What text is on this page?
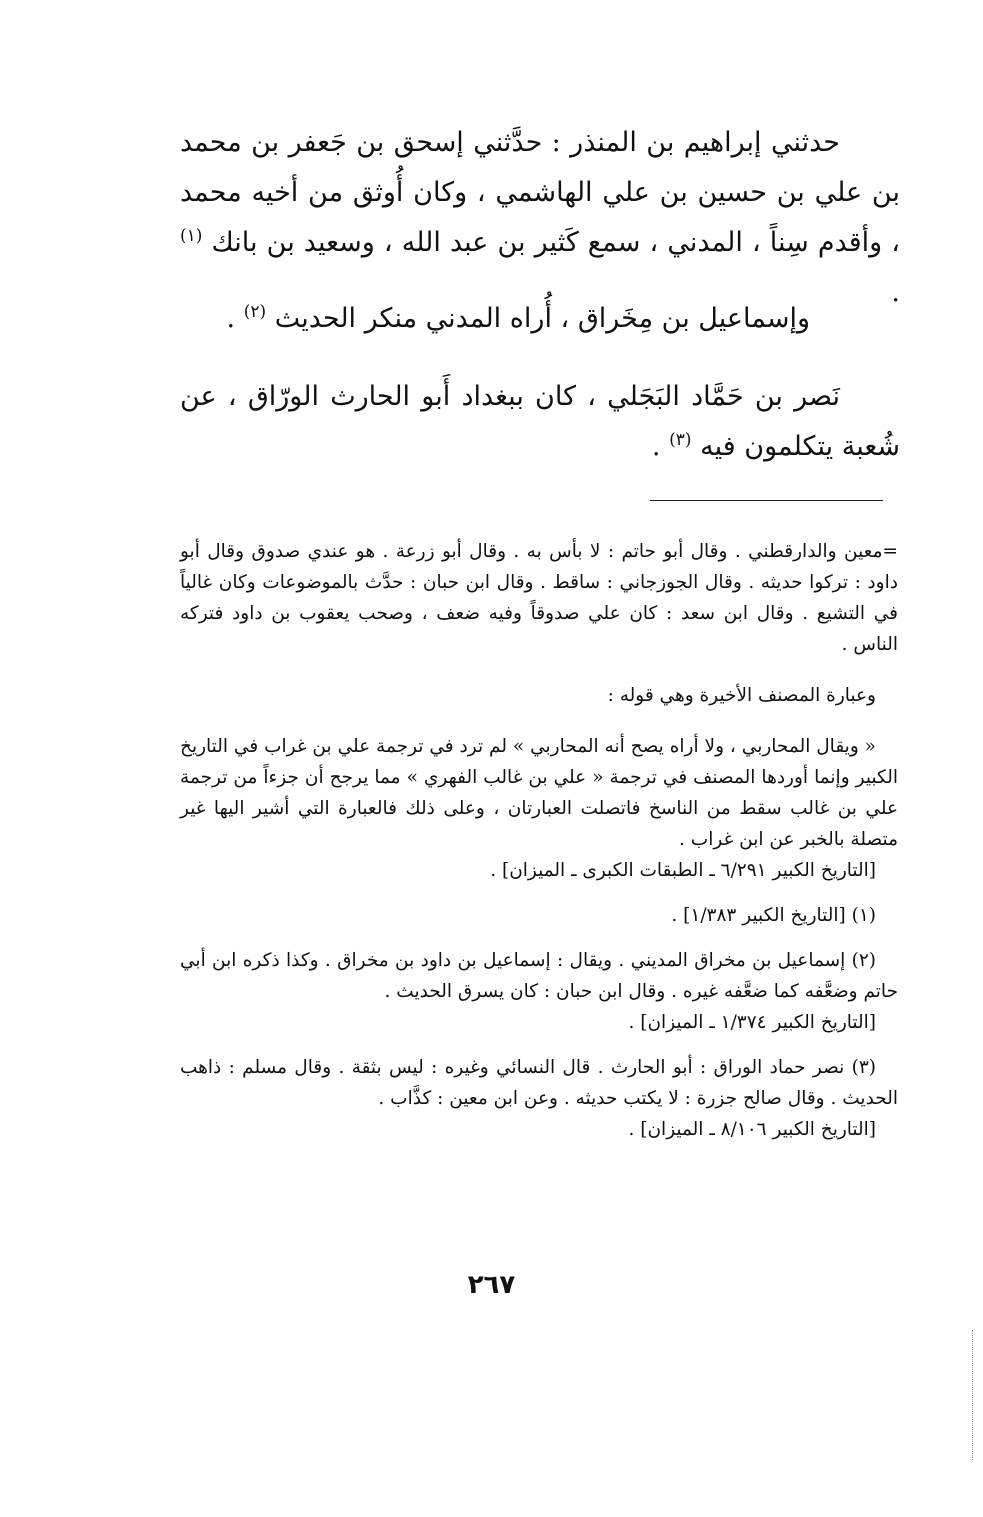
حدثني إبراهيم بن المنذر : حدَّثني إسحق بن جَعفر بن محمد بن علي بن حسين بن علي الهاشمي ، وكان أُوثق من أخيه محمد ، وأقدم سِناً ، المدني ، سمع كَثير بن عبد الله ، وسعيد بن بانك $^{(١)}$ .

وإسماعيل بن مِخَراق ، أُراه المدني منكر الحديث $^{(٢)}$ .

نَصر بن حَمَّاد البَجَلي ، كان ببغداد أَبو الحارث الورّاق ، عن شُعبة يتكلمون فيه $^{(٣)}$ .

=معين والدارقطني . وقال أبو حاتم : لا بأس به . وقال أبو زرعة . هو عندي صدوق وقال أبو داود : تركوا حديثه . وقال الجوزجاني : ساقط . وقال ابن حبان : حدَّث بالموضوعات وكان غالياً في التشيع . وقال ابن سعد : كان علي صدوقاً وفيه ضعف ، وصحب يعقوب بن داود فتركه الناس .

وعبارة المصنف الأخيرة وهي قوله :

« ويقال المحاربي ، ولا أراه يصح أنه المحاربي » لم ترد في ترجمة علي بن غراب في التاريخ الكبير وإنما أوردها المصنف في ترجمة « علي بن غالب الفهري » مما يرجح أن جزءاً من ترجمة علي بن غالب سقط من الناسخ فاتصلت العبارتان ، وعلى ذلك فالعبارة التي أشير اليها غير متصلة بالخبر عن ابن غراب .

[التاريخ الكبير ٦/٢٩١ ـ الطبقات الكبرى ـ الميزان] .

(١) [التاريخ الكبير ١/٣٨٣] .

(٢) إسماعيل بن مخراق المديني . ويقال : إسماعيل بن داود بن مخراق . وكذا ذكره ابن أبي حاتم وضعَّفه كما ضعَّفه غيره . وقال ابن حبان : كان يسرق الحديث .

[التاريخ الكبير ١/٣٧٤ ـ الميزان] .

(٣) نصر حماد الوراق : أبو الحارث . قال النسائي وغيره : ليس بثقة . وقال مسلم : ذاهب الحديث . وقال صالح جزرة : لا يكتب حديثه . وعن ابن معين : كذَّاب .

[التاريخ الكبير ٨/١٠٦ ـ الميزان] .

٢٦٧
